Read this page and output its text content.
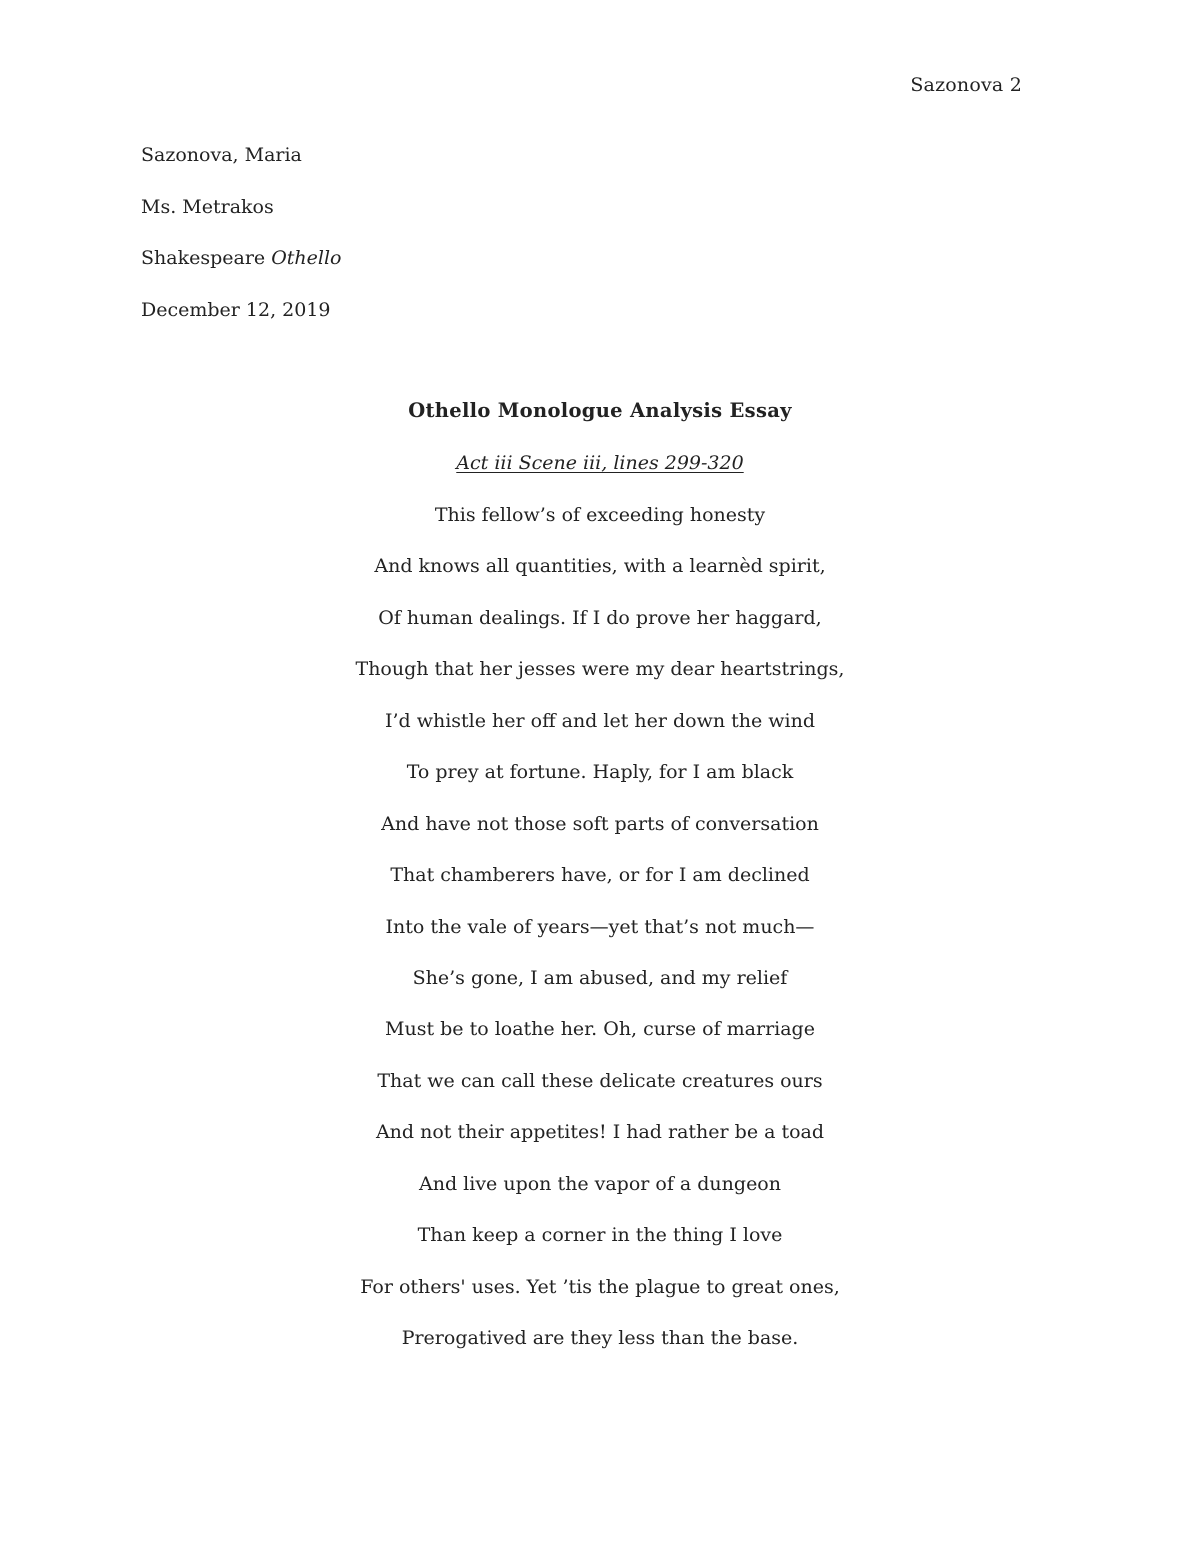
Sazonova 2
Sazonova, Maria
Ms. Metrakos
Shakespeare Othello
December 12, 2019
Othello Monologue Analysis Essay
Act iii Scene iii, lines 299-320
This fellow’s of exceeding honesty
And knows all quantities, with a learnèd spirit,
Of human dealings. If I do prove her haggard,
Though that her jesses were my dear heartstrings,
I’d whistle her off and let her down the wind
To prey at fortune. Haply, for I am black
And have not those soft parts of conversation
That chamberers have, or for I am declined
Into the vale of years—yet that’s not much—
She’s gone, I am abused, and my relief
Must be to loathe her. Oh, curse of marriage
That we can call these delicate creatures ours
And not their appetites! I had rather be a toad
And live upon the vapor of a dungeon
Than keep a corner in the thing I love
For others' uses. Yet ’tis the plague to great ones,
Prerogatived are they less than the base.
